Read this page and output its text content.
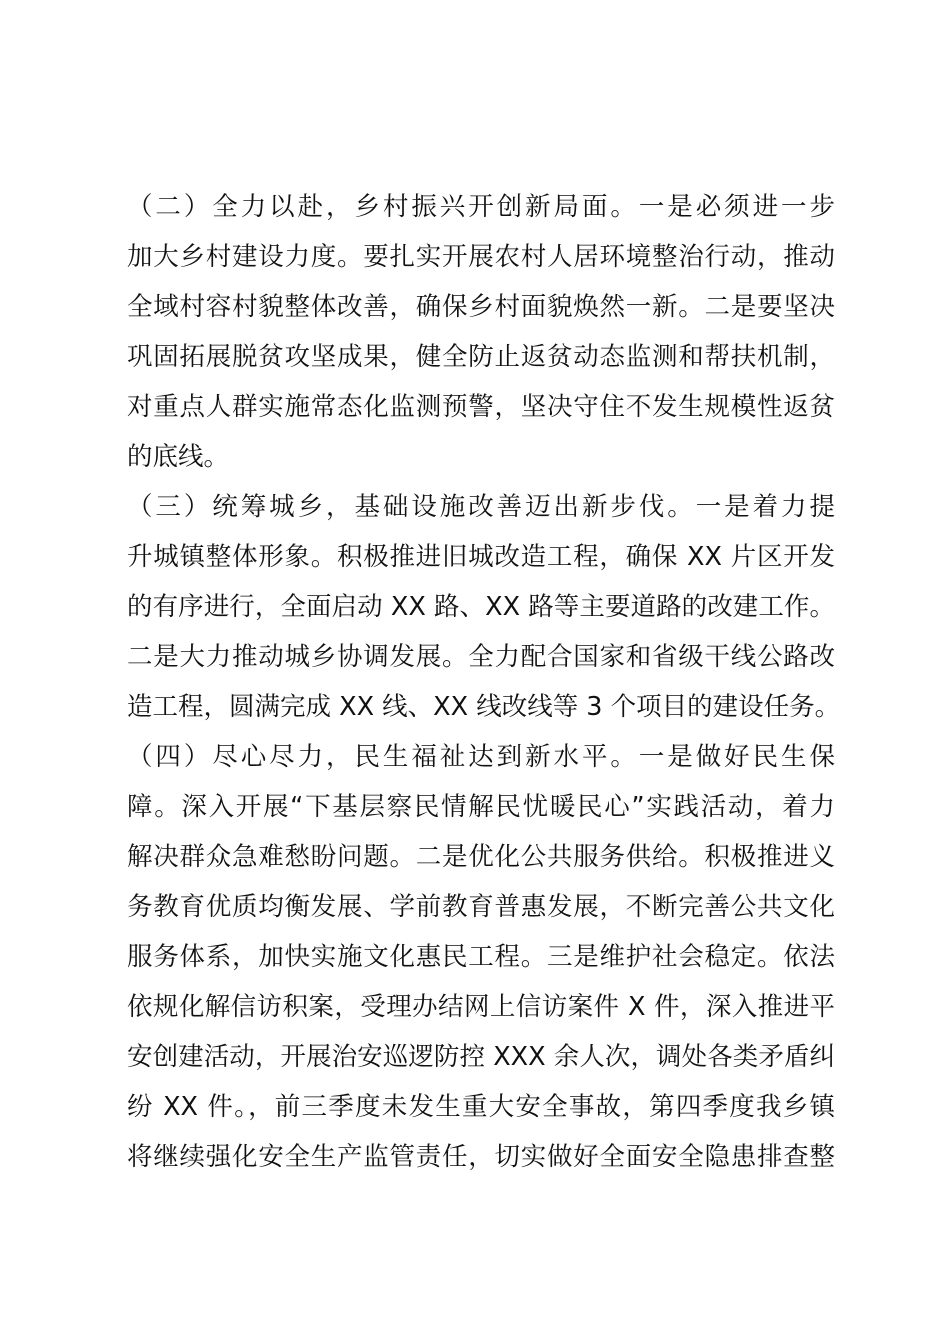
（二）全力以赴，乡村振兴开创新局面。一是必须进一步
加大乡村建设力度。要扎实开展农村人居环境整治行动，推动
全域村容村貌整体改善，确保乡村面貌焕然一新。二是要坚决
巩固拓展脱贫攻坚成果，健全防止返贫动态监测和帮扶机制，
对重点人群实施常态化监测预警，坚决守住不发生规模性返贫
的底线。
（三）统筹城乡，基础设施改善迈出新步伐。一是着力提
升城镇整体形象。积极推进旧城改造工程，确保 XX 片区开发
的有序进行，全面启动 XX 路、XX 路等主要道路的改建工作。
二是大力推动城乡协调发展。全力配合国家和省级干线公路改
造工程，圆满完成 XX 线、XX 线改线等 3 个项目的建设任务。
（四）尽心尽力，民生福祉达到新水平。一是做好民生保
障。深入开展“下基层察民情解民忧暖民心”实践活动，着力
解决群众急难愁盼问题。二是优化公共服务供给。积极推进义
务教育优质均衡发展、学前教育普惠发展，不断完善公共文化
服务体系，加快实施文化惠民工程。三是维护社会稳定。依法
依规化解信访积案，受理办结网上信访案件 X 件，深入推进平
安创建活动，开展治安巡逻防控 XXX 余人次，调处各类矛盾纠
纷 XX 件。，前三季度未发生重大安全事故，第四季度我乡镇
将继续强化安全生产监管责任，切实做好全面安全隐患排查整
